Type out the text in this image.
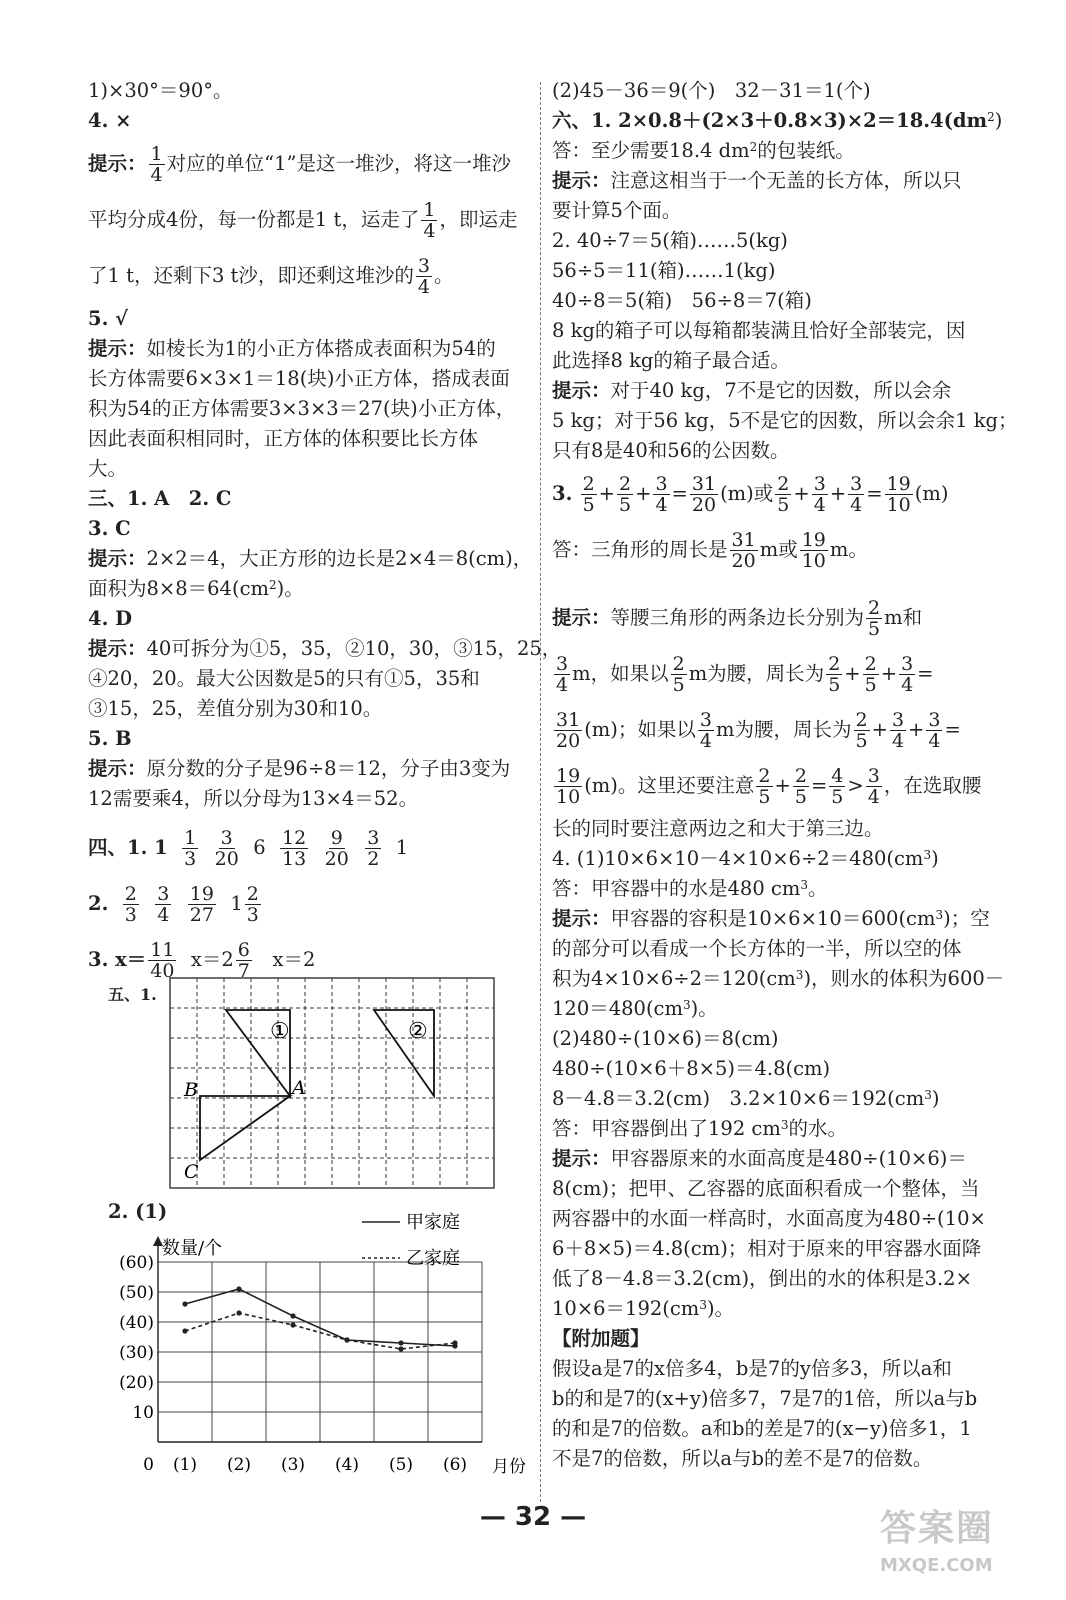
1)×30°＝90°。
4. ×
提示： $\frac{1}{4}$ 对应的单位“1”是这一堆沙，将这一堆沙
平均分成4份，每一份都是1 t，运走了 $\frac{1}{4}$ ，即运走
了1 t，还剩下3 t沙，即还剩这堆沙的 $\frac{3}{4}$ 。
5. √
提示：如棱长为1的小正方体搭成表面积为54的
长方体需要6×3×1＝18(块)小正方体，搭成表面
积为54的正方体需要3×3×3＝27(块)小正方体，
因此表面积相同时，正方体的体积要比长方体
大。
三、1. A　2. C
3. C
提示：2×2＝4，大正方形的边长是2×4＝8(cm)，
面积为$8\times 8=64(cm^2)$。
4. D
提示：40可拆分为①5，35，②10，30，③15，25，
④20，20。最大公因数是5的只有①5，35和
③15，25，差值分别为30和10。
5. B
提示：原分数的分子是96÷8＝12，分子由3变为
12需要乘4，所以分母为13×4＝52。
四、1. $1 \frac{1}{3}$
$\frac{3}{20} 6 \frac{12}{13}$
$\frac{9}{20}$
$\frac{3}{2} 1$
2. $\frac{2}{3}$
$\frac{3}{4}$
$\frac{19}{27} 1 \frac{2}{3}$
3. $x= \frac{11}{40} x=2 \frac{6}{7} x=2$
五、1.
①	②
A
B
C
2. (1)
0
10
(20)
(30)
(40)
(50)
(60)
(1) (2) (3) (4) (5) (6) 月份
数量/个
甲家庭
乙家庭
(2)45－36＝9(个)　32－31＝1(个)
六、1. $2\times 0.8+(2\times 3+0.8\times 3)\times 2=18.4(dm^2)$
答：至少需要18.4 $dm^2$的包装纸。
提示：注意这相当于一个无盖的长方体，所以只
要计算5个面。
2. 40÷7＝5(箱)……5(kg)
56÷5＝11(箱)……1(kg)
40÷8＝5(箱)　56÷8＝7(箱)
8 kg的箱子可以每箱都装满且恰好全部装完，因
此选择8 kg的箱子最合适。
提示：对于40 kg，7不是它的因数，所以会余
5 kg；对于56 kg，5不是它的因数，所以会余1 kg；
只有8是40和56的公因数。
3. $\frac{2}{5} + \frac{2}{5} + \frac{3}{4} = \frac{31}{20} (m)$或 $\frac{2}{5} + \frac{3}{4} + \frac{3}{4} = \frac{19}{10} (m)$
答：三角形的周长是 $\frac{31}{20}$ m或 $\frac{19}{10}$ m。
提示：等腰三角形的两条边长分别为 $\frac{2}{5}$ m和
$\frac{3}{4}$ m，如果以 $\frac{2}{5}$ m为腰，周长为 $\frac{2}{5} + \frac{2}{5} + \frac{3}{4}$ =
$\frac{31}{20} (m)$；如果以 $\frac{3}{4}$ m为腰，周长为 $\frac{2}{5} + \frac{3}{4} + \frac{3}{4}$ =
$\frac{19}{10} (m)$。这里还要注意 $\frac{2}{5} + \frac{2}{5} = \frac{4}{5} > \frac{3}{4}$ ，在选取腰
长的同时要注意两边之和大于第三边。
4. $(1)10\times 6\times 10-4\times 10\times 6\div 2=480(cm^3)$
答：甲容器中的水是480 $cm^3$。
提示：甲容器的容积是$10\times 6\times 10=600(cm^3)$；空
的部分可以看成一个长方体的一半，所以空的体
积为$4\times 10\times 6\div 2=120(cm^3)$，则水的体积为600－
$120=480(cm^3)$。
(2)480÷(10×6)＝8(cm)
480÷(10×6＋8×5)＝4.8(cm)
8－4.8＝3.2(cm)　$3.2\times 10\times 6=192(cm^3)$
答：甲容器倒出了192 $cm^3$的水。
提示：甲容器原来的水面高度是480÷(10×6)＝
8(cm)；把甲、乙容器的底面积看成一个整体，当
两容器中的水面一样高时，水面高度为480÷(10×
6＋8×5)＝4.8(cm)；相对于原来的甲容器水面降
低了8－4.8＝3.2(cm)，倒出的水的体积是3.2×
$10\times 6=192(cm^3)$。
【附加题】
假设a是7的x倍多4，b是7的y倍多3，所以a和
b的和是7的(x+y)倍多7，7是7的1倍，所以a与b
的和是7的倍数。a和b的差是7的(x−y)倍多1，1
不是7的倍数，所以a与b的差不是7的倍数。
— 32 —	答案圈
MXQE.COM
